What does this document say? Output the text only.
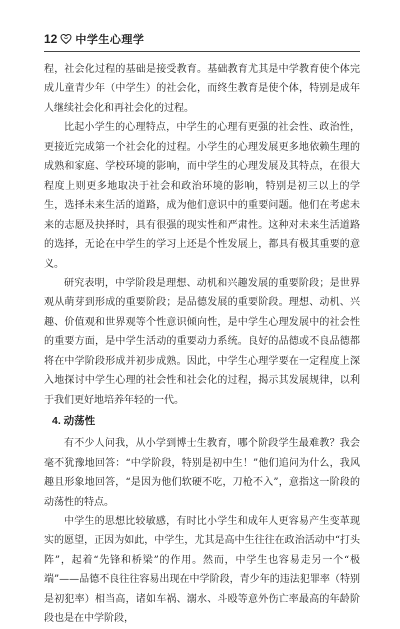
12 中学生心理学

程，社会化过程的基础是接受教育。基础教育尤其是中学教育使个体完成儿童青少年（中学生）的社会化，而终生教育是使个体，特别是成年人继续社会化和再社会化的过程。

比起小学生的心理特点，中学生的心理有更强的社会性、政治性，更接近完成第一个社会化的过程。小学生的心理发展更多地依赖生理的成熟和家庭、学校环境的影响，而中学生的心理发展及其特点，在很大程度上则更多地取决于社会和政治环境的影响，特别是初三以上的学生，选择未来生活的道路，成为他们意识中的重要问题。他们在考虑未来的志愿及抉择时，具有很强的现实性和严肃性。这种对未来生活道路的选择，无论在中学生的学习上还是个性发展上，都具有极其重要的意义。

研究表明，中学阶段是理想、动机和兴趣发展的重要阶段；是世界观从萌芽到形成的重要阶段；是品德发展的重要阶段。理想、动机、兴趣、价值观和世界观等个性意识倾向性，是中学生心理发展中的社会性的重要方面，是中学生活动的重要动力系统。良好的品德或不良品德都将在中学阶段形成并初步成熟。因此，中学生心理学要在一定程度上深入地探讨中学生心理的社会性和社会化的过程，揭示其发展规律，以利于我们更好地培养年轻的一代。

4. 动荡性

有不少人问我，从小学到博士生教育，哪个阶段学生最难教？我会毫不犹豫地回答：“中学阶段，特别是初中生！”他们追问为什么，我风趣且形象地回答，“是因为他们软硬不吃，刀枪不入”，意指这一阶段的动荡性的特点。

中学生的思想比较敏感，有时比小学生和成年人更容易产生变革现实的愿望，正因为如此，中学生，尤其是高中生往往在政治活动中“打头阵”，起着“先锋和桥梁”的作用。然而，中学生也容易走另一个“极端”——品德不良往往容易出现在中学阶段，青少年的违法犯罪率（特别是初犯率）相当高，诸如车祸、溺水、斗殴等意外伤亡率最高的年龄阶段也是在中学阶段，
